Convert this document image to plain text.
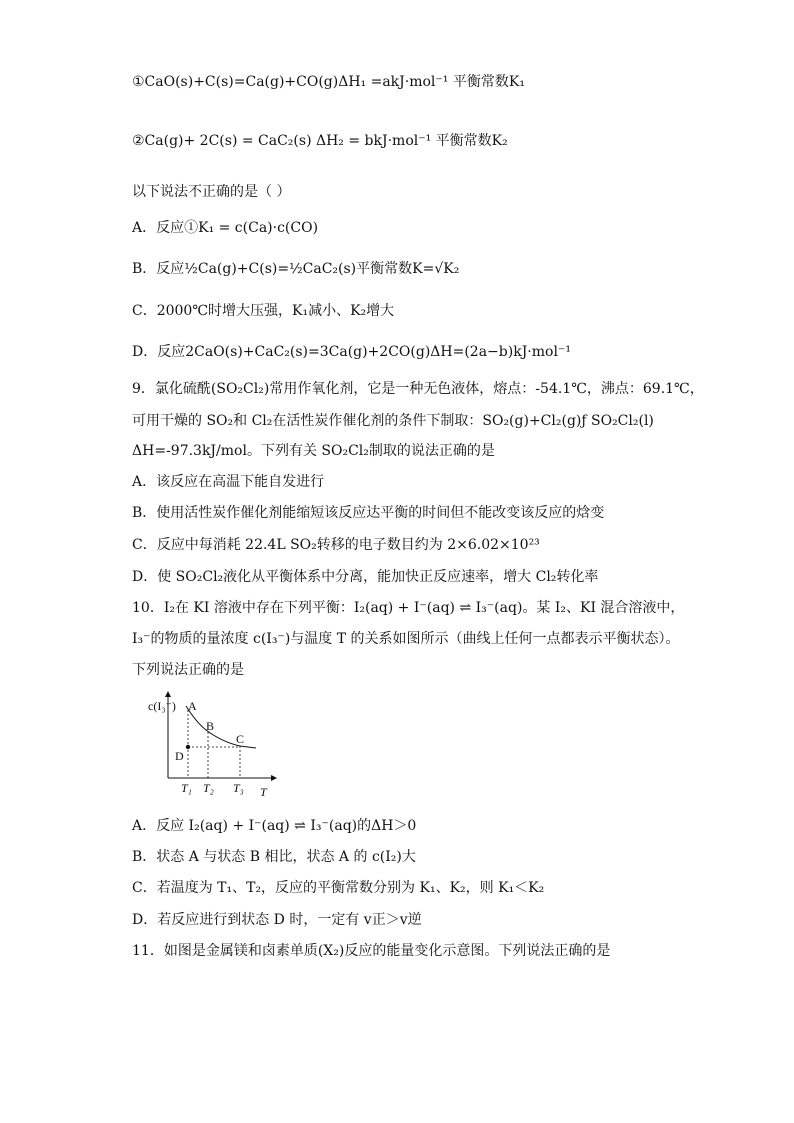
①CaO(s)+C(s)=Ca(g)+CO(g)ΔH₁ =akJ·mol⁻¹ 平衡常数K₁
②Ca(g)+ 2C(s) = CaC₂(s) ΔH₂ = bkJ·mol⁻¹ 平衡常数K₂
以下说法不正确的是（ ）
A．反应①K₁ = c(Ca)·c(CO)
B．反应½Ca(g)+C(s)=½CaC₂(s)平衡常数K=√K₂
C．2000℃时增大压强，K₁减小、K₂增大
D．反应2CaO(s)+CaC₂(s)=3Ca(g)+2CO(g)ΔH=(2a−b)kJ·mol⁻¹
9．氯化硫酰(SO₂Cl₂)常用作氧化剂，它是一种无色液体，熔点：-54.1℃，沸点：69.1℃，
可用干燥的 SO₂和 Cl₂在活性炭作催化剂的条件下制取：SO₂(g)+Cl₂(g)ƒ SO₂Cl₂(l)
ΔH=-97.3kJ/mol。下列有关 SO₂Cl₂制取的说法正确的是
A．该反应在高温下能自发进行
B．使用活性炭作催化剂能缩短该反应达平衡的时间但不能改变该反应的焓变
C．反应中每消耗 22.4L SO₂转移的电子数目约为 2×6.02×10²³
D．使 SO₂Cl₂液化从平衡体系中分离，能加快正反应速率，增大 Cl₂转化率
10．I₂在 KI 溶液中存在下列平衡：I₂(aq) + I⁻(aq) ⇌ I₃⁻(aq)。某 I₂、KI 混合溶液中，
I₃⁻的物质的量浓度 c(I₃⁻)与温度 T 的关系如图所示（曲线上任何一点都表示平衡状态）。
下列说法正确的是
c(I₃⁻)
T
A
B
C
D
T₁ T₂ T₃
A．反应 I₂(aq) + I⁻(aq) ⇌ I₃⁻(aq)的ΔH＞0
B．状态 A 与状态 B 相比，状态 A 的 c(I₂)大
C．若温度为 T₁、T₂，反应的平衡常数分别为 K₁、K₂，则 K₁＜K₂
D．若反应进行到状态 D 时，一定有 v正＞v逆
11．如图是金属镁和卤素单质(X₂)反应的能量变化示意图。下列说法正确的是
